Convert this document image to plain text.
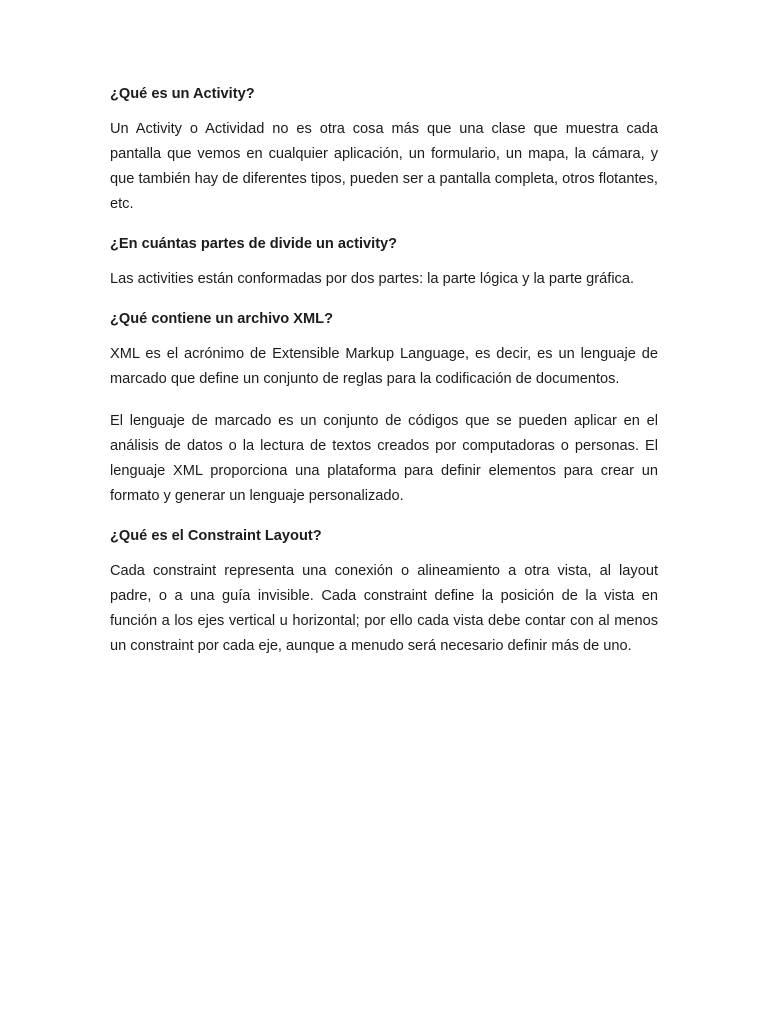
¿Qué es un Activity?
Un Activity o Actividad no es otra cosa más que una clase que muestra cada pantalla que vemos en cualquier aplicación, un formulario, un mapa, la cámara, y que también hay de diferentes tipos, pueden ser a pantalla completa, otros flotantes, etc.
¿En cuántas partes de divide un activity?
Las activities están conformadas por dos partes: la parte lógica y la parte gráfica.
¿Qué contiene un archivo XML?
XML es el acrónimo de Extensible Markup Language, es decir, es un lenguaje de marcado que define un conjunto de reglas para la codificación de documentos.
El lenguaje de marcado es un conjunto de códigos que se pueden aplicar en el análisis de datos o la lectura de textos creados por computadoras o personas. El lenguaje XML proporciona una plataforma para definir elementos para crear un formato y generar un lenguaje personalizado.
¿Qué es el Constraint Layout?
Cada constraint representa una conexión o alineamiento a otra vista, al layout padre, o a una guía invisible. Cada constraint define la posición de la vista en función a los ejes vertical u horizontal; por ello cada vista debe contar con al menos un constraint por cada eje, aunque a menudo será necesario definir más de uno.
